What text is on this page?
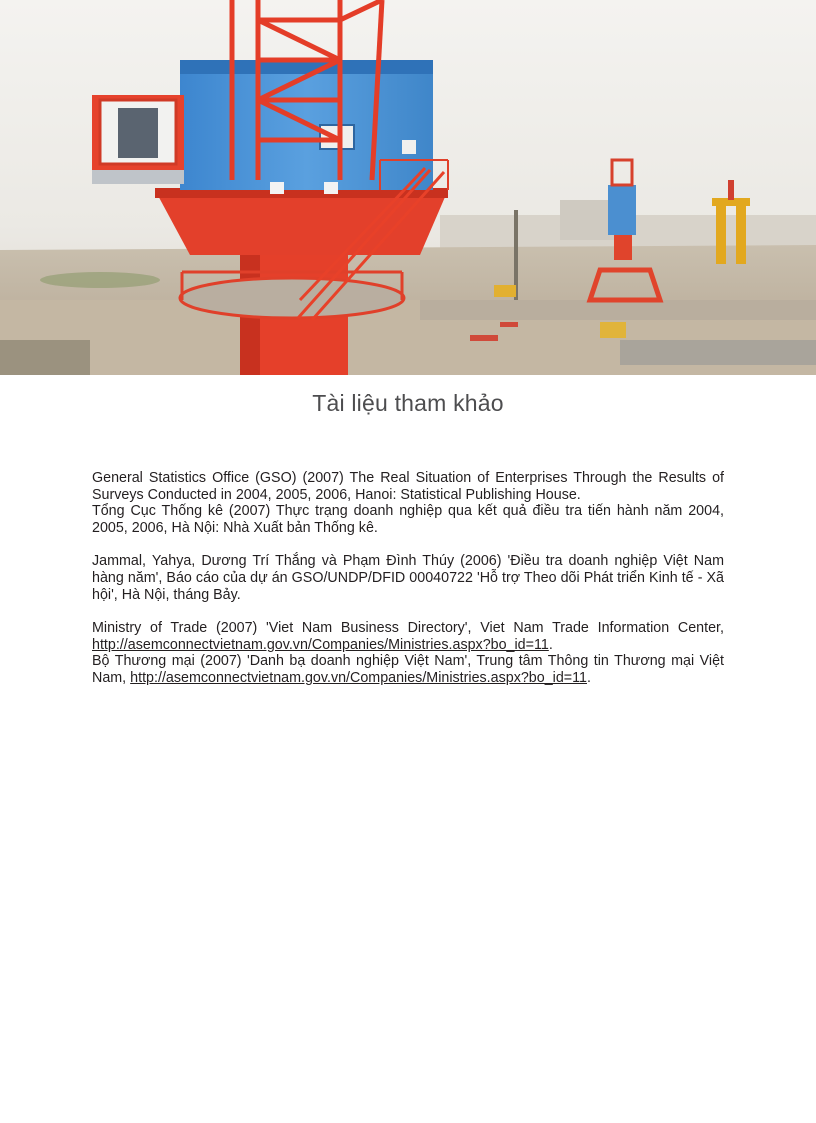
Tài liệu tham khảo
General Statistics Office (GSO) (2007) The Real Situation of Enterprises Through the Results of Surveys Conducted in 2004, 2005, 2006, Hanoi: Statistical Publishing House.
Tổng Cục Thống kê (2007) Thực trạng doanh nghiệp qua kết quả điều tra tiến hành năm 2004, 2005, 2006, Hà Nội: Nhà Xuất bản Thống kê.
Jammal, Yahya, Dương Trí Thắng và Phạm Đình Thúy (2006) 'Điều tra doanh nghiệp Việt Nam hàng năm', Báo cáo của dự án GSO/UNDP/DFID 00040722 'Hỗ trợ Theo dõi Phát triển Kinh tế - Xã hội', Hà Nội, tháng Bảy.
Ministry of Trade (2007) 'Viet Nam Business Directory', Viet Nam Trade Information Center, http://asemconnectvietnam.gov.vn/Companies/Ministries.aspx?bo_id=11.
Bộ Thương mại (2007) 'Danh bạ doanh nghiệp Việt Nam', Trung tâm Thông tin Thương mại Việt Nam, http://asemconnectvietnam.gov.vn/Companies/Ministries.aspx?bo_id=11.
